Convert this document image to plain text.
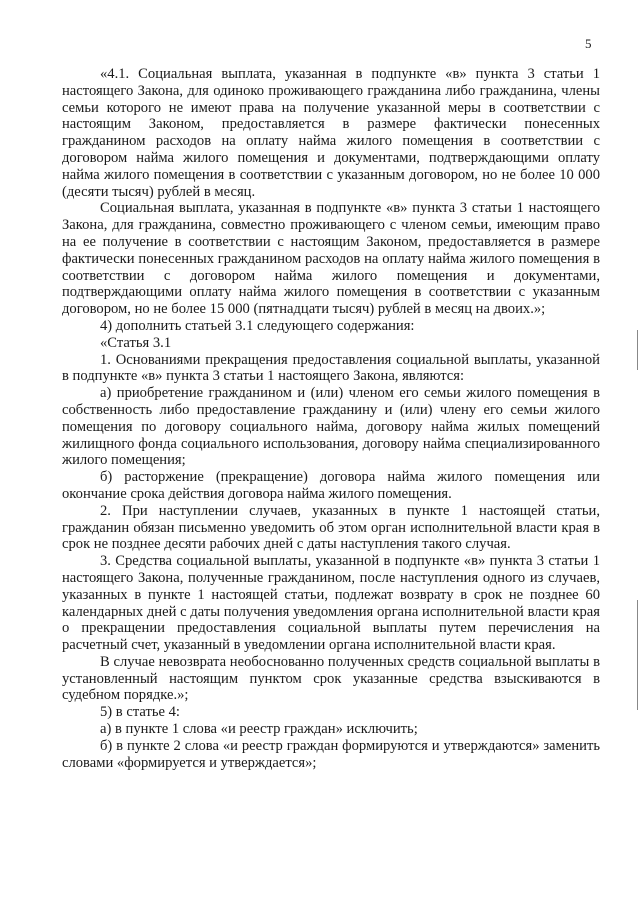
5

«4.1. Социальная выплата, указанная в подпункте «в» пункта 3 статьи 1 настоящего Закона, для одиноко проживающего гражданина либо гражданина, члены семьи которого не имеют права на получение указанной меры в соответствии с настоящим Законом, предоставляется в размере фактически понесенных гражданином расходов на оплату найма жилого помещения в соответствии с договором найма жилого помещения и документами, подтверждающими оплату найма жилого помещения в соответствии с указанным договором, но не более 10 000 (десяти тысяч) рублей в месяц.

Социальная выплата, указанная в подпункте «в» пункта 3 статьи 1 настоящего Закона, для гражданина, совместно проживающего с членом семьи, имеющим право на ее получение в соответствии с настоящим Законом, предоставляется в размере фактически понесенных гражданином расходов на оплату найма жилого помещения в соответствии с договором найма жилого помещения и документами, подтверждающими оплату найма жилого помещения в соответствии с указанным договором, но не более 15 000 (пятнадцати тысяч) рублей в месяц на двоих.»;

4) дополнить статьей 3.1 следующего содержания:

«Статья 3.1

1. Основаниями прекращения предоставления социальной выплаты, указанной в подпункте «в» пункта 3 статьи 1 настоящего Закона, являются:

а) приобретение гражданином и (или) членом его семьи жилого помещения в собственность либо предоставление гражданину и (или) члену его семьи жилого помещения по договору социального найма, договору найма жилых помещений жилищного фонда социального использования, договору найма специализированного жилого помещения;

б) расторжение (прекращение) договора найма жилого помещения или окончание срока действия договора найма жилого помещения.

2. При наступлении случаев, указанных в пункте 1 настоящей статьи, гражданин обязан письменно уведомить об этом орган исполнительной власти края в срок не позднее десяти рабочих дней с даты наступления такого случая.

3. Средства социальной выплаты, указанной в подпункте «в» пункта 3 статьи 1 настоящего Закона, полученные гражданином, после наступления одного из случаев, указанных в пункте 1 настоящей статьи, подлежат возврату в срок не позднее 60 календарных дней с даты получения уведомления органа исполнительной власти края о прекращении предоставления социальной выплаты путем перечисления на расчетный счет, указанный в уведомлении органа исполнительной власти края.

В случае невозврата необоснованно полученных средств социальной выплаты в установленный настоящим пунктом срок указанные средства взыскиваются в судебном порядке.»;

5) в статье 4:

а) в пункте 1 слова «и реестр граждан» исключить;

б) в пункте 2 слова «и реестр граждан формируются и утверждаются» заменить словами «формируется и утверждается»;
